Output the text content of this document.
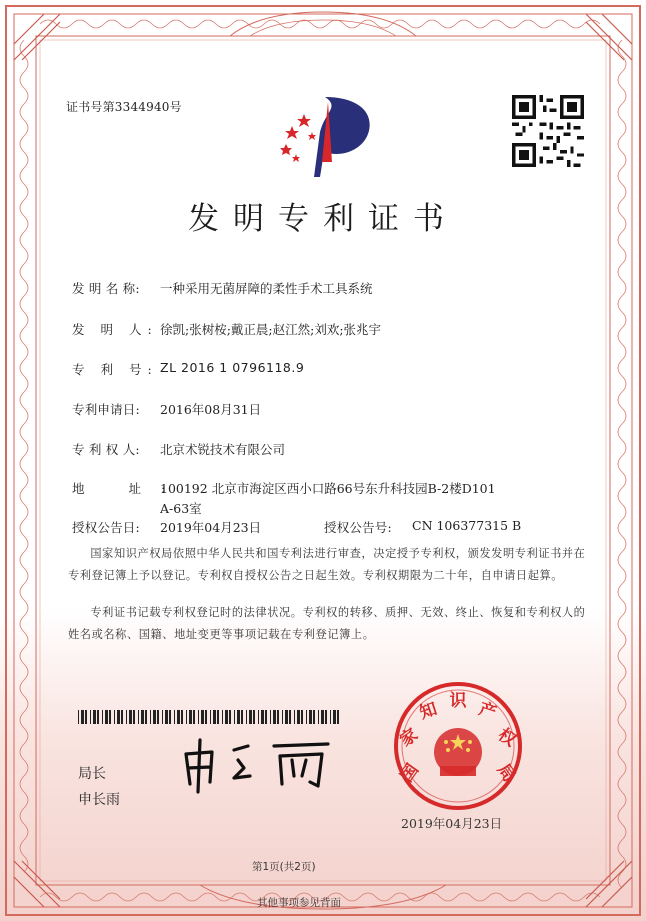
证书号第3344940号
发明专利证书
发 明 名 称: 一种采用无菌屏障的柔性手术工具系统
发 明 人: 徐凯;张树桉;戴正晨;赵江然;刘欢;张兆宇
专 利 号: ZL 2016 1 0796118.9
专利申请日: 2016年08月31日
专 利 权 人: 北京术锐技术有限公司
地 址:
100192 北京市海淀区西小口路66号东升科技园B-2楼D101
A-63室
授权公告日: 2019年04月23日	授权公告号: CN 106377315 B
国家知识产权局依照中华人民共和国专利法进行审查，决定授予专利权，颁发发明专利证书并在专利登记簿上予以登记。专利权自授权公告之日起生效。专利权期限为二十年，自申请日起算。
专利证书记载专利权登记时的法律状况。专利权的转移、质押、无效、终止、恢复和专利权人的姓名或名称、国籍、地址变更等事项记载在专利登记簿上。
局长
申长雨
国
家
知 识 产
权
局
2019年04月23日
第1页(共2页)
其他事项参见背面
